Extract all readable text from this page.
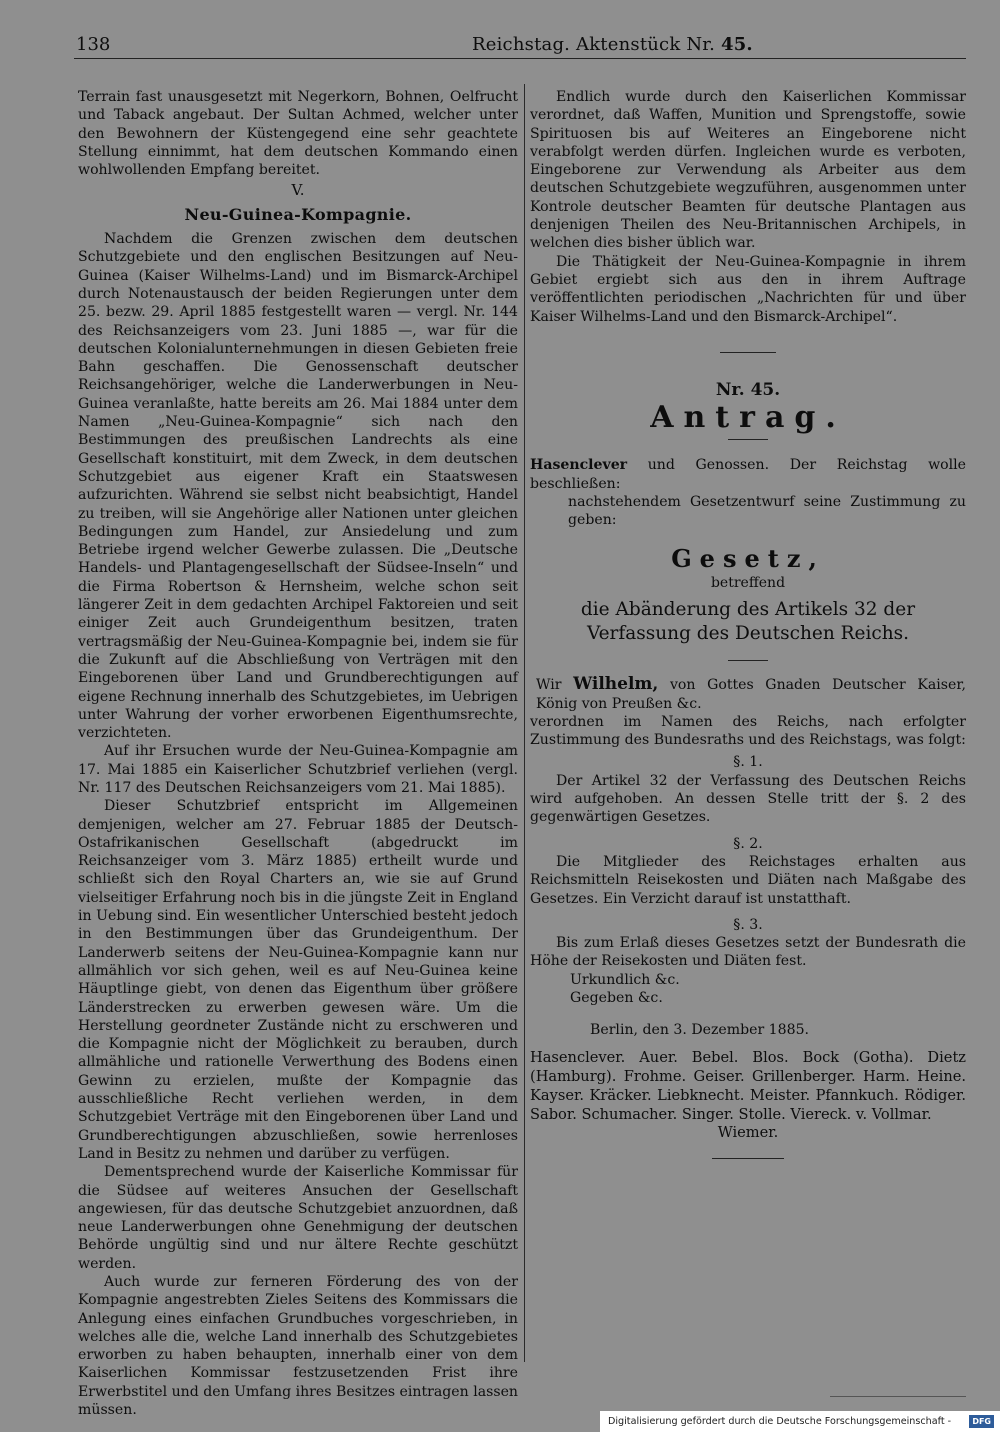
138	Reichstag. Aktenstück Nr. 45.

Terrain fast unausgesetzt mit Negerkorn, Bohnen, Oelfrucht und Taback angebaut. Der Sultan Achmed, welcher unter den Bewohnern der Küstengegend eine sehr geachtete Stellung einnimmt, hat dem deutschen Kommando einen wohlwollenden Empfang bereitet.

V.

Neu-Guinea-Kompagnie.

Nachdem die Grenzen zwischen dem deutschen Schutzgebiete und den englischen Besitzungen auf Neu-Guinea (Kaiser Wilhelms-Land) und im Bismarck-Archipel durch Notenaustausch der beiden Regierungen unter dem 25. bezw. 29. April 1885 festgestellt waren — vergl. Nr. 144 des Reichsanzeigers vom 23. Juni 1885 —, war für die deutschen Kolonialunternehmungen in diesen Gebieten freie Bahn geschaffen. Die Genossenschaft deutscher Reichsangehöriger, welche die Landerwerbungen in Neu-Guinea veranlaßte, hatte bereits am 26. Mai 1884 unter dem Namen „Neu-Guinea-Kompagnie“ sich nach den Bestimmungen des preußischen Landrechts als eine Gesellschaft konstituirt, mit dem Zweck, in dem deutschen Schutzgebiet aus eigener Kraft ein Staatswesen aufzurichten. Während sie selbst nicht beabsichtigt, Handel zu treiben, will sie Angehörige aller Nationen unter gleichen Bedingungen zum Handel, zur Ansiedelung und zum Betriebe irgend welcher Gewerbe zulassen. Die „Deutsche Handels- und Plantagengesellschaft der Südsee-Inseln“ und die Firma Robertson & Hernsheim, welche schon seit längerer Zeit in dem gedachten Archipel Faktoreien und seit einiger Zeit auch Grundeigenthum besitzen, traten vertragsmäßig der Neu-Guinea-Kompagnie bei, indem sie für die Zukunft auf die Abschließung von Verträgen mit den Eingeborenen über Land und Grundberechtigungen auf eigene Rechnung innerhalb des Schutzgebietes, im Uebrigen unter Wahrung der vorher erworbenen Eigenthumsrechte, verzichteten.

Auf ihr Ersuchen wurde der Neu-Guinea-Kompagnie am 17. Mai 1885 ein Kaiserlicher Schutzbrief verliehen (vergl. Nr. 117 des Deutschen Reichsanzeigers vom 21. Mai 1885).

Dieser Schutzbrief entspricht im Allgemeinen demjenigen, welcher am 27. Februar 1885 der Deutsch-Ostafrikanischen Gesellschaft (abgedruckt im Reichsanzeiger vom 3. März 1885) ertheilt wurde und schließt sich den Royal Charters an, wie sie auf Grund vielseitiger Erfahrung noch bis in die jüngste Zeit in England in Uebung sind. Ein wesentlicher Unterschied besteht jedoch in den Bestimmungen über das Grundeigenthum. Der Landerwerb seitens der Neu-Guinea-Kompagnie kann nur allmählich vor sich gehen, weil es auf Neu-Guinea keine Häuptlinge giebt, von denen das Eigenthum über größere Länderstrecken zu erwerben gewesen wäre. Um die Herstellung geordneter Zustände nicht zu erschweren und die Kompagnie nicht der Möglichkeit zu berauben, durch allmähliche und rationelle Verwerthung des Bodens einen Gewinn zu erzielen, mußte der Kompagnie das ausschließliche Recht verliehen werden, in dem Schutzgebiet Verträge mit den Eingeborenen über Land und Grundberechtigungen abzuschließen, sowie herrenloses Land in Besitz zu nehmen und darüber zu verfügen.

Dementsprechend wurde der Kaiserliche Kommissar für die Südsee auf weiteres Ansuchen der Gesellschaft angewiesen, für das deutsche Schutzgebiet anzuordnen, daß neue Landerwerbungen ohne Genehmigung der deutschen Behörde ungültig sind und nur ältere Rechte geschützt werden.

Auch wurde zur ferneren Förderung des von der Kompagnie angestrebten Zieles Seitens des Kommissars die Anlegung eines einfachen Grundbuches vorgeschrieben, in welches alle die, welche Land innerhalb des Schutzgebietes erworben zu haben behaupten, innerhalb einer von dem Kaiserlichen Kommissar festzusetzenden Frist ihre Erwerbstitel und den Umfang ihres Besitzes eintragen lassen müssen.

Endlich wurde durch den Kaiserlichen Kommissar verordnet, daß Waffen, Munition und Sprengstoffe, sowie Spirituosen bis auf Weiteres an Eingeborene nicht verabfolgt werden dürfen. Ingleichen wurde es verboten, Eingeborene zur Verwendung als Arbeiter aus dem deutschen Schutzgebiete wegzuführen, ausgenommen unter Kontrole deutscher Beamten für deutsche Plantagen aus denjenigen Theilen des Neu-Britannischen Archipels, in welchen dies bisher üblich war.

Die Thätigkeit der Neu-Guinea-Kompagnie in ihrem Gebiet ergiebt sich aus den in ihrem Auftrage veröffentlichten periodischen „Nachrichten für und über Kaiser Wilhelms-Land und den Bismarck-Archipel“.

Nr. 45.

Antrag.

Hasenclever und Genossen. Der Reichstag wolle beschließen:

nachstehendem Gesetzentwurf seine Zustimmung zu geben:

Gesetz,

betreffend

die Abänderung des Artikels 32 der Verfassung des Deutschen Reichs.

Wir Wilhelm, von Gottes Gnaden Deutscher Kaiser, König von Preußen &c.

verordnen im Namen des Reichs, nach erfolgter Zustimmung des Bundesraths und des Reichstags, was folgt:

§. 1.

Der Artikel 32 der Verfassung des Deutschen Reichs wird aufgehoben. An dessen Stelle tritt der §. 2 des gegenwärtigen Gesetzes.

§. 2.

Die Mitglieder des Reichstages erhalten aus Reichsmitteln Reisekosten und Diäten nach Maßgabe des Gesetzes. Ein Verzicht darauf ist unstatthaft.

§. 3.

Bis zum Erlaß dieses Gesetzes setzt der Bundesrath die Höhe der Reisekosten und Diäten fest.

Urkundlich &c.

Gegeben &c.

Berlin, den 3. Dezember 1885.

Hasenclever. Auer. Bebel. Blos. Bock (Gotha). Dietz (Hamburg). Frohme. Geiser. Grillenberger. Harm. Heine. Kayser. Kräcker. Liebknecht. Meister. Pfannkuch. Rödiger. Sabor. Schumacher. Singer. Stolle. Viereck. v. Vollmar.

Wiemer.

Digitalisierung gefördert durch die Deutsche Forschungsgemeinschaft -	DFG
